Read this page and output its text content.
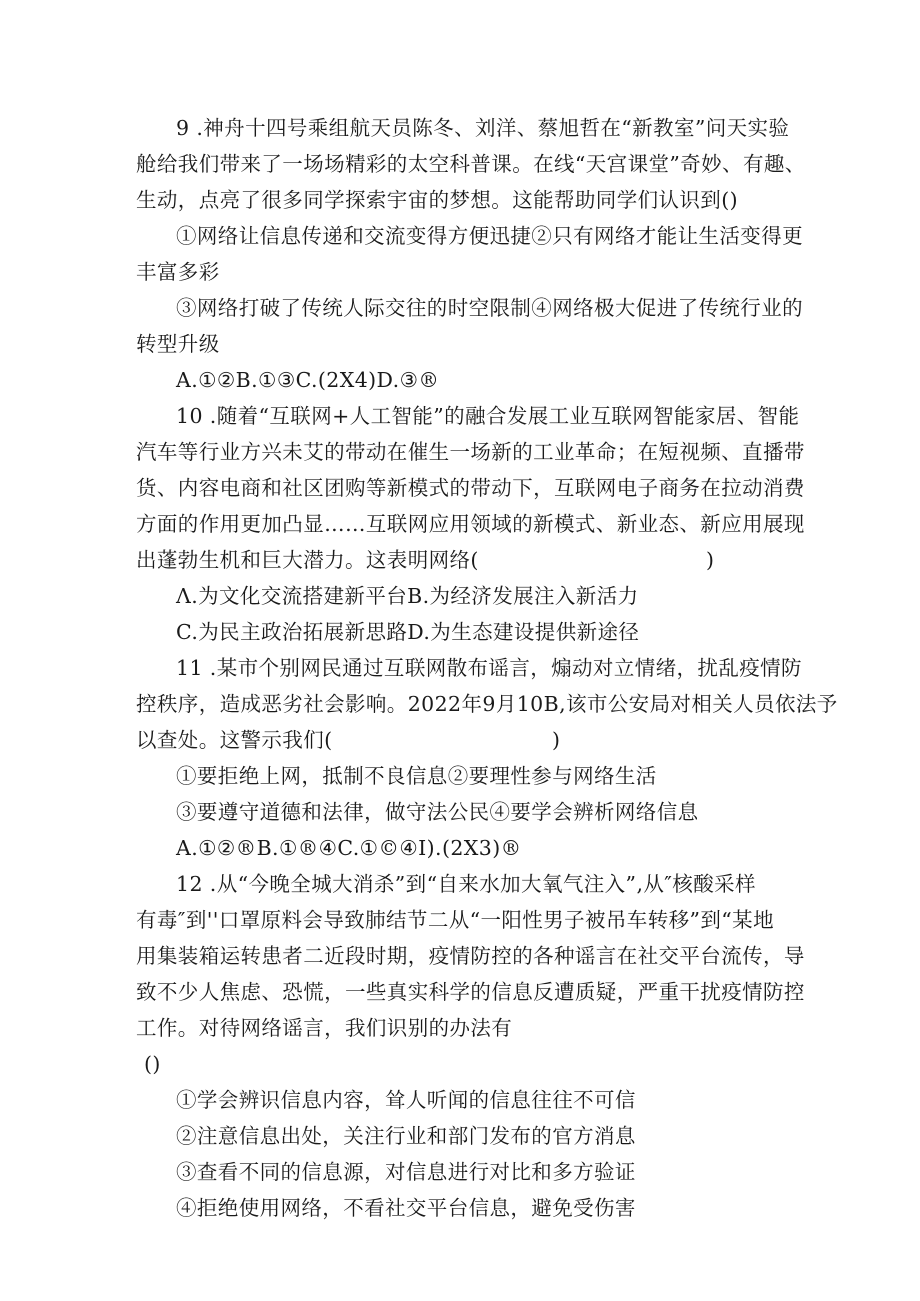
9 .神舟十四号乘组航天员陈冬、刘洋、蔡旭哲在“新教室”问天实验
舱给我们带来了一场场精彩的太空科普课。在线“天宫课堂”奇妙、有趣、
生动，点亮了很多同学探索宇宙的梦想。这能帮助同学们认识到()
①网络让信息传递和交流变得方便迅捷②只有网络才能让生活变得更
丰富多彩
③网络打破了传统人际交往的时空限制④网络极大促进了传统行业的
转型升级
A.①②B.①③C.(2X4)D.③®
10 .随着“互联网+人工智能”的融合发展工业互联网智能家居、智能
汽车等行业方兴未艾的带动在催生一场新的工业革命；在短视频、直播带
货、内容电商和社区团购等新模式的带动下，互联网电子商务在拉动消费
方面的作用更加凸显……互联网应用领域的新模式、新业态、新应用展现
出蓬勃生机和巨大潜力。这表明网络(	)
Λ.为文化交流搭建新平台B.为经济发展注入新活力
C.为民主政治拓展新思路D.为生态建设提供新途径
11 .某市个别网民通过互联网散布谣言，煽动对立情绪，扰乱疫情防
控秩序，造成恶劣社会影响。2022年9月10B,该市公安局对相关人员依法予
以查处。这警示我们(	)
①要拒绝上网，抵制不良信息②要理性参与网络生活
③要遵守道德和法律，做守法公民④要学会辨析网络信息
A.①②®B.①®④C.①©④I).(2X3)®
12 .从“今晚全城大消杀”到“自来水加大氧气注入”,从″核酸采样
有毒″到''口罩原料会导致肺结节二从“一阳性男子被吊车转移”到“某地
用集装箱运转患者二近段时期，疫情防控的各种谣言在社交平台流传，导
致不少人焦虑、恐慌，一些真实科学的信息反遭质疑，严重干扰疫情防控
工作。对待网络谣言，我们识别的办法有
()
①学会辨识信息内容，耸人听闻的信息往往不可信
②注意信息出处，关注行业和部门发布的官方消息
③查看不同的信息源，对信息进行对比和多方验证
④拒绝使用网络，不看社交平台信息，避免受伤害
